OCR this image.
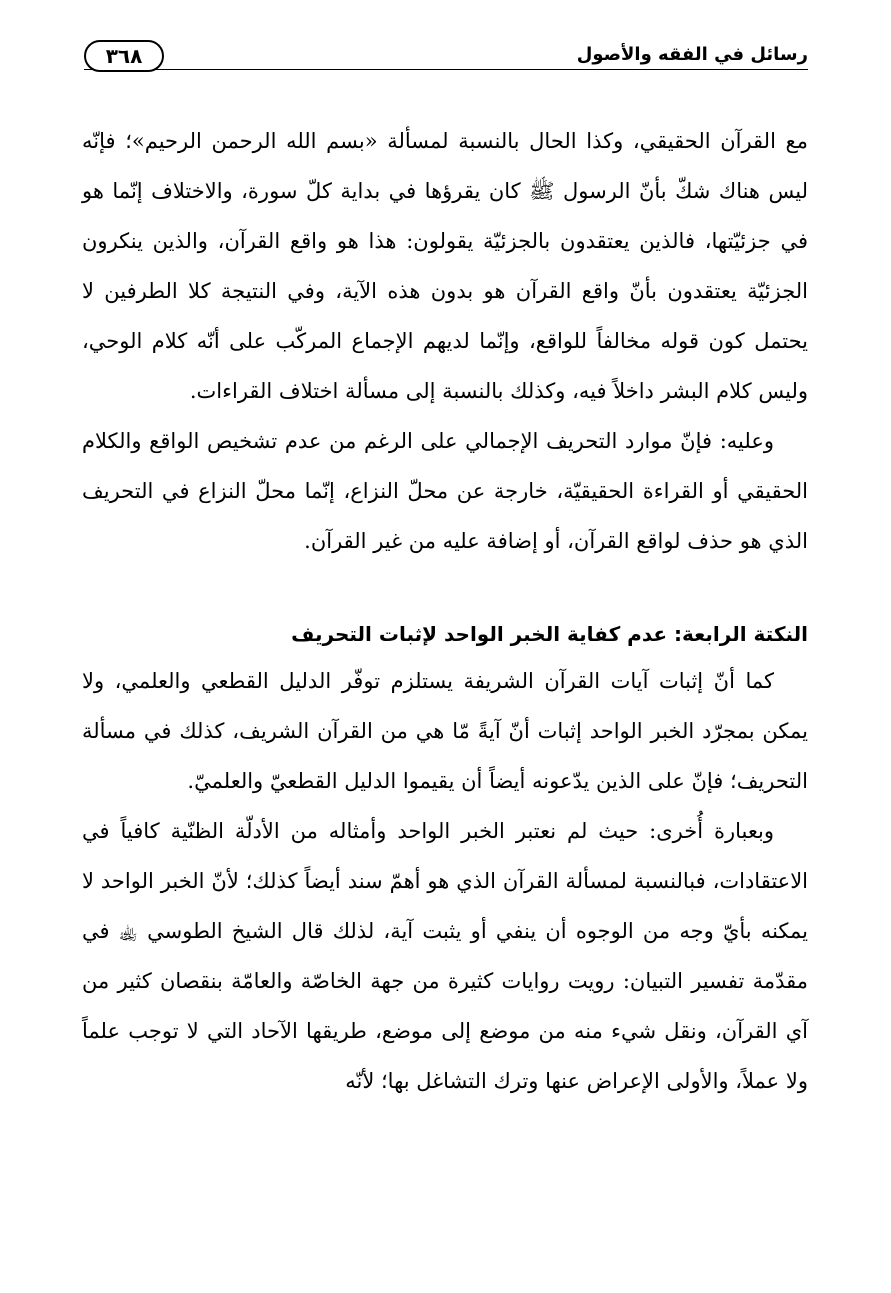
رسائل في الفقه والأصول
٣٦٨

مع القرآن الحقيقي، وكذا الحال بالنسبة لمسألة «بسم الله الرحمن الرحيم»؛ فإنّه ليس هناك شكّ بأنّ الرسول ﷺ كان يقرؤها في بداية كلّ سورة، والاختلاف إنّما هو في جزئيّتها، فالذين يعتقدون بالجزئيّة يقولون: هذا هو واقع القرآن، والذين ينكرون الجزئيّة يعتقدون بأنّ واقع القرآن هو بدون هذه الآية، وفي النتيجة كلا الطرفين لا يحتمل كون قوله مخالفاً للواقع، وإنّما لديهم الإجماع المركّب على أنّه كلام الوحي، وليس كلام البشر داخلاً فيه، وكذلك بالنسبة إلى مسألة اختلاف القراءات.

وعليه: فإنّ موارد التحريف الإجمالي على الرغم من عدم تشخيص الواقع والكلام الحقيقي أو القراءة الحقيقيّة، خارجة عن محلّ النزاع، إنّما محلّ النزاع في التحريف الذي هو حذف لواقع القرآن، أو إضافة عليه من غير القرآن.

النكتة الرابعة: عدم كفاية الخبر الواحد لإثبات التحريف

كما أنّ إثبات آيات القرآن الشريفة يستلزم توفّر الدليل القطعي والعلمي، ولا يمكن بمجرّد الخبر الواحد إثبات أنّ آيةً مّا هي من القرآن الشريف، كذلك في مسألة التحريف؛ فإنّ على الذين يدّعونه أيضاً أن يقيموا الدليل القطعيّ والعلميّ.

وبعبارة أُخرى: حيث لم نعتبر الخبر الواحد وأمثاله من الأدلّة الظنّية كافياً في الاعتقادات، فبالنسبة لمسألة القرآن الذي هو أهمّ سند أيضاً كذلك؛ لأنّ الخبر الواحد لا يمكنه بأيّ وجه من الوجوه أن ينفي أو يثبت آية، لذلك قال الشيخ الطوسي ﵀ في مقدّمة تفسير التبيان: رويت روايات كثيرة من جهة الخاصّة والعامّة بنقصان كثير من آي القرآن، ونقل شيء منه من موضع إلى موضع، طريقها الآحاد التي لا توجب علماً ولا عملاً، والأولى الإعراض عنها وترك التشاغل بها؛ لأنّه
